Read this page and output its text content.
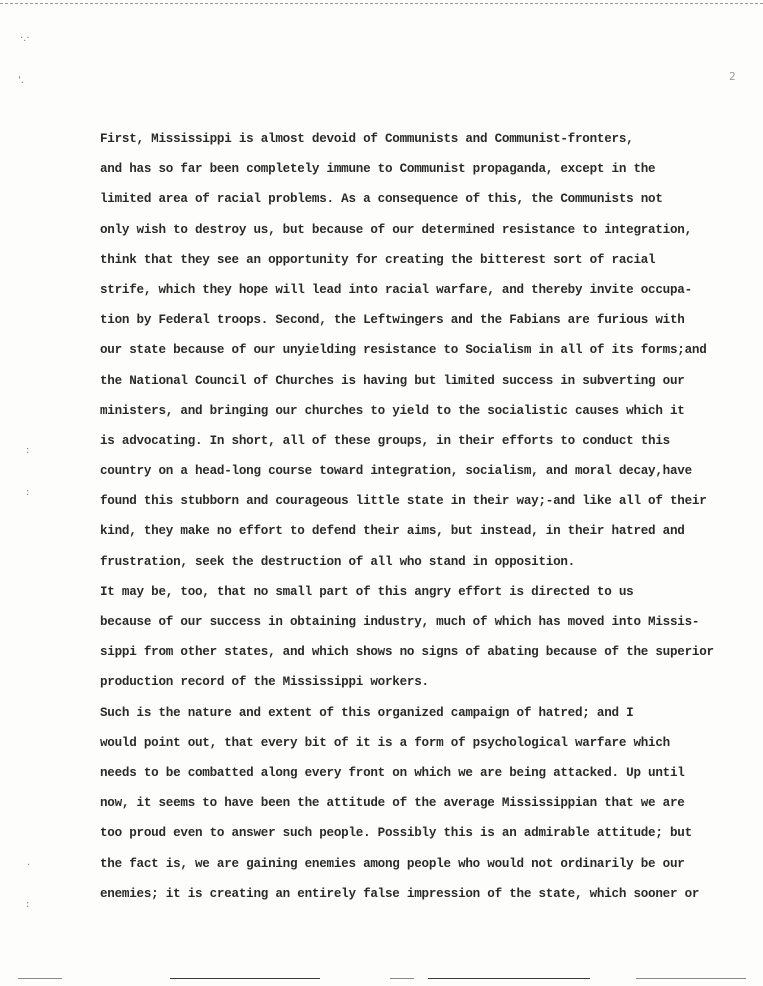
·.·
'.
:
:
.
:
2
First, Mississippi is almost devoid of Communists and Communist-fronters,
and has so far been completely immune to Communist propaganda, except in the
limited area of racial problems. As a consequence of this, the Communists not
only wish to destroy us, but because of our determined resistance to integration,
think that they see an opportunity for creating the bitterest sort of racial
strife, which they hope will lead into racial warfare, and thereby invite occupa-
tion by Federal troops. Second, the Leftwingers and the Fabians are furious with
our state because of our unyielding resistance to Socialism in all of its forms;and
the National Council of Churches is having but limited success in subverting our
ministers, and bringing our churches to yield to the socialistic causes which it
is advocating. In short, all of these groups, in their efforts to conduct this
country on a head-long course toward integration, socialism, and moral decay,have
found this stubborn and courageous little state in their way;-and like all of their
kind, they make no effort to defend their aims, but instead, in their hatred and
frustration, seek the destruction of all who stand in opposition.
It may be, too, that no small part of this angry effort is directed to us
because of our success in obtaining industry, much of which has moved into Missis-
sippi from other states, and which shows no signs of abating because of the superior
production record of the Mississippi workers.
Such is the nature and extent of this organized campaign of hatred; and I
would point out, that every bit of it is a form of psychological warfare which
needs to be combatted along every front on which we are being attacked. Up until
now, it seems to have been the attitude of the average Mississippian that we are
too proud even to answer such people. Possibly this is an admirable attitude; but
the fact is, we are gaining enemies among people who would not ordinarily be our
enemies; it is creating an entirely false impression of the state, which sooner or
